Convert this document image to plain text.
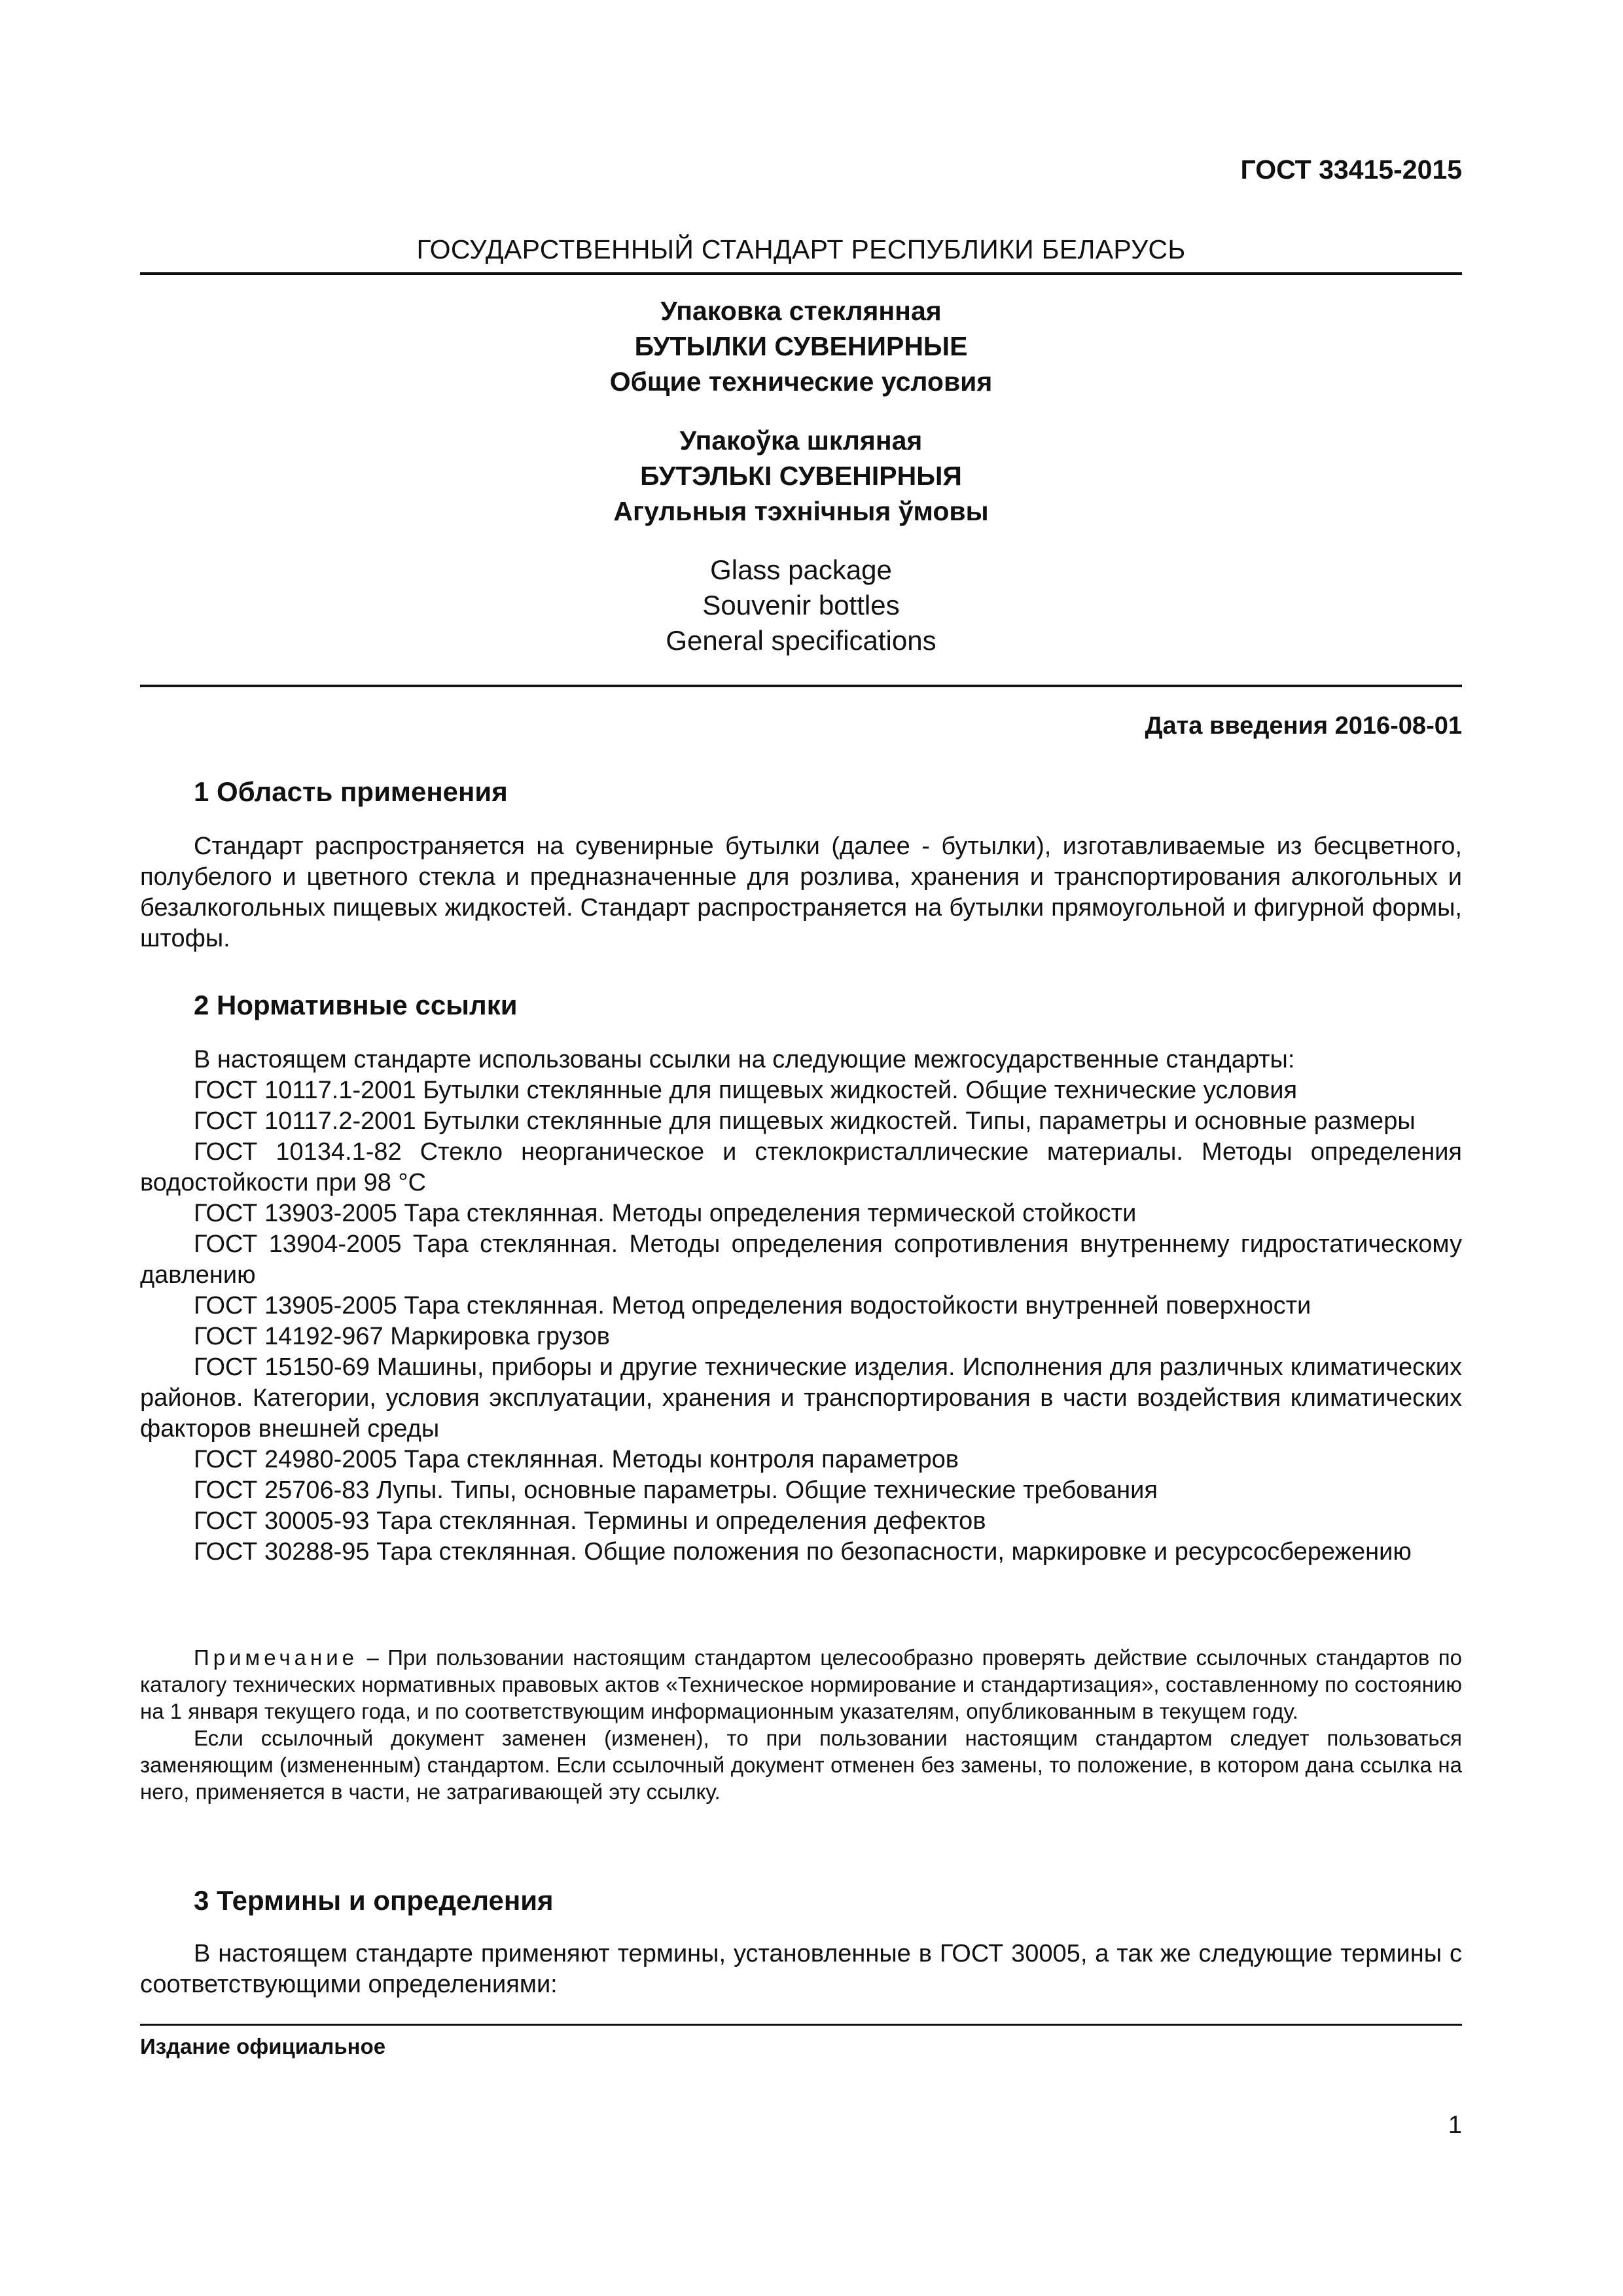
ГОСТ 33415-2015
ГОСУДАРСТВЕННЫЙ СТАНДАРТ РЕСПУБЛИКИ БЕЛАРУСЬ
Упаковка стеклянная
БУТЫЛКИ СУВЕНИРНЫЕ
Общие технические условия
Упакоўка шкляная
БУТЭЛЬКІ СУВЕНІРНЫЯ
Агульныя тэхнічныя ўмовы
Glass package
Souvenir bottles
General specifications
Дата введения 2016-08-01
1 Область применения

Стандарт распространяется на сувенирные бутылки (далее - бутылки), изготавливаемые из бесцветного, полубелого и цветного стекла и предназначенные для розлива, хранения и транспортирования алкогольных и безалкогольных пищевых жидкостей. Стандарт распространяется на бутылки прямоугольной и фигурной формы, штофы.

2 Нормативные ссылки

В настоящем стандарте использованы ссылки на следующие межгосударственные стандарты:

ГОСТ 10117.1-2001 Бутылки стеклянные для пищевых жидкостей. Общие технические условия

ГОСТ 10117.2-2001 Бутылки стеклянные для пищевых жидкостей. Типы, параметры и основные размеры

ГОСТ 10134.1-82 Стекло неорганическое и стеклокристаллические материалы. Методы определения водостойкости при 98 °С

ГОСТ 13903-2005 Тара стеклянная. Методы определения термической стойкости

ГОСТ 13904-2005 Тара стеклянная. Методы определения сопротивления внутреннему гидростатическому давлению

ГОСТ 13905-2005 Тара стеклянная. Метод определения водостойкости внутренней поверхности

ГОСТ 14192-967 Маркировка грузов

ГОСТ 15150-69 Машины, приборы и другие технические изделия. Исполнения для различных климатических районов. Категории, условия эксплуатации, хранения и транспортирования в части воздействия климатических факторов внешней среды

ГОСТ 24980-2005 Тара стеклянная. Методы контроля параметров

ГОСТ 25706-83 Лупы. Типы, основные параметры. Общие технические требования

ГОСТ 30005-93 Тара стеклянная. Термины и определения дефектов

ГОСТ 30288-95 Тара стеклянная. Общие положения по безопасности, маркировке и ресурсосбережению

Примечание – При пользовании настоящим стандартом целесообразно проверять действие ссылочных стандартов по каталогу технических нормативных правовых актов «Техническое нормирование и стандартизация», составленному по состоянию на 1 января текущего года, и по соответствующим информационным указателям, опубликованным в текущем году.

Если ссылочный документ заменен (изменен), то при пользовании настоящим стандартом следует пользоваться заменяющим (измененным) стандартом. Если ссылочный документ отменен без замены, то положение, в котором дана ссылка на него, применяется в части, не затрагивающей эту ссылку.

3 Термины и определения

В настоящем стандарте применяют термины, установленные в ГОСТ 30005, а так же следующие термины с соответствующими определениями:

Издание официальное
1
